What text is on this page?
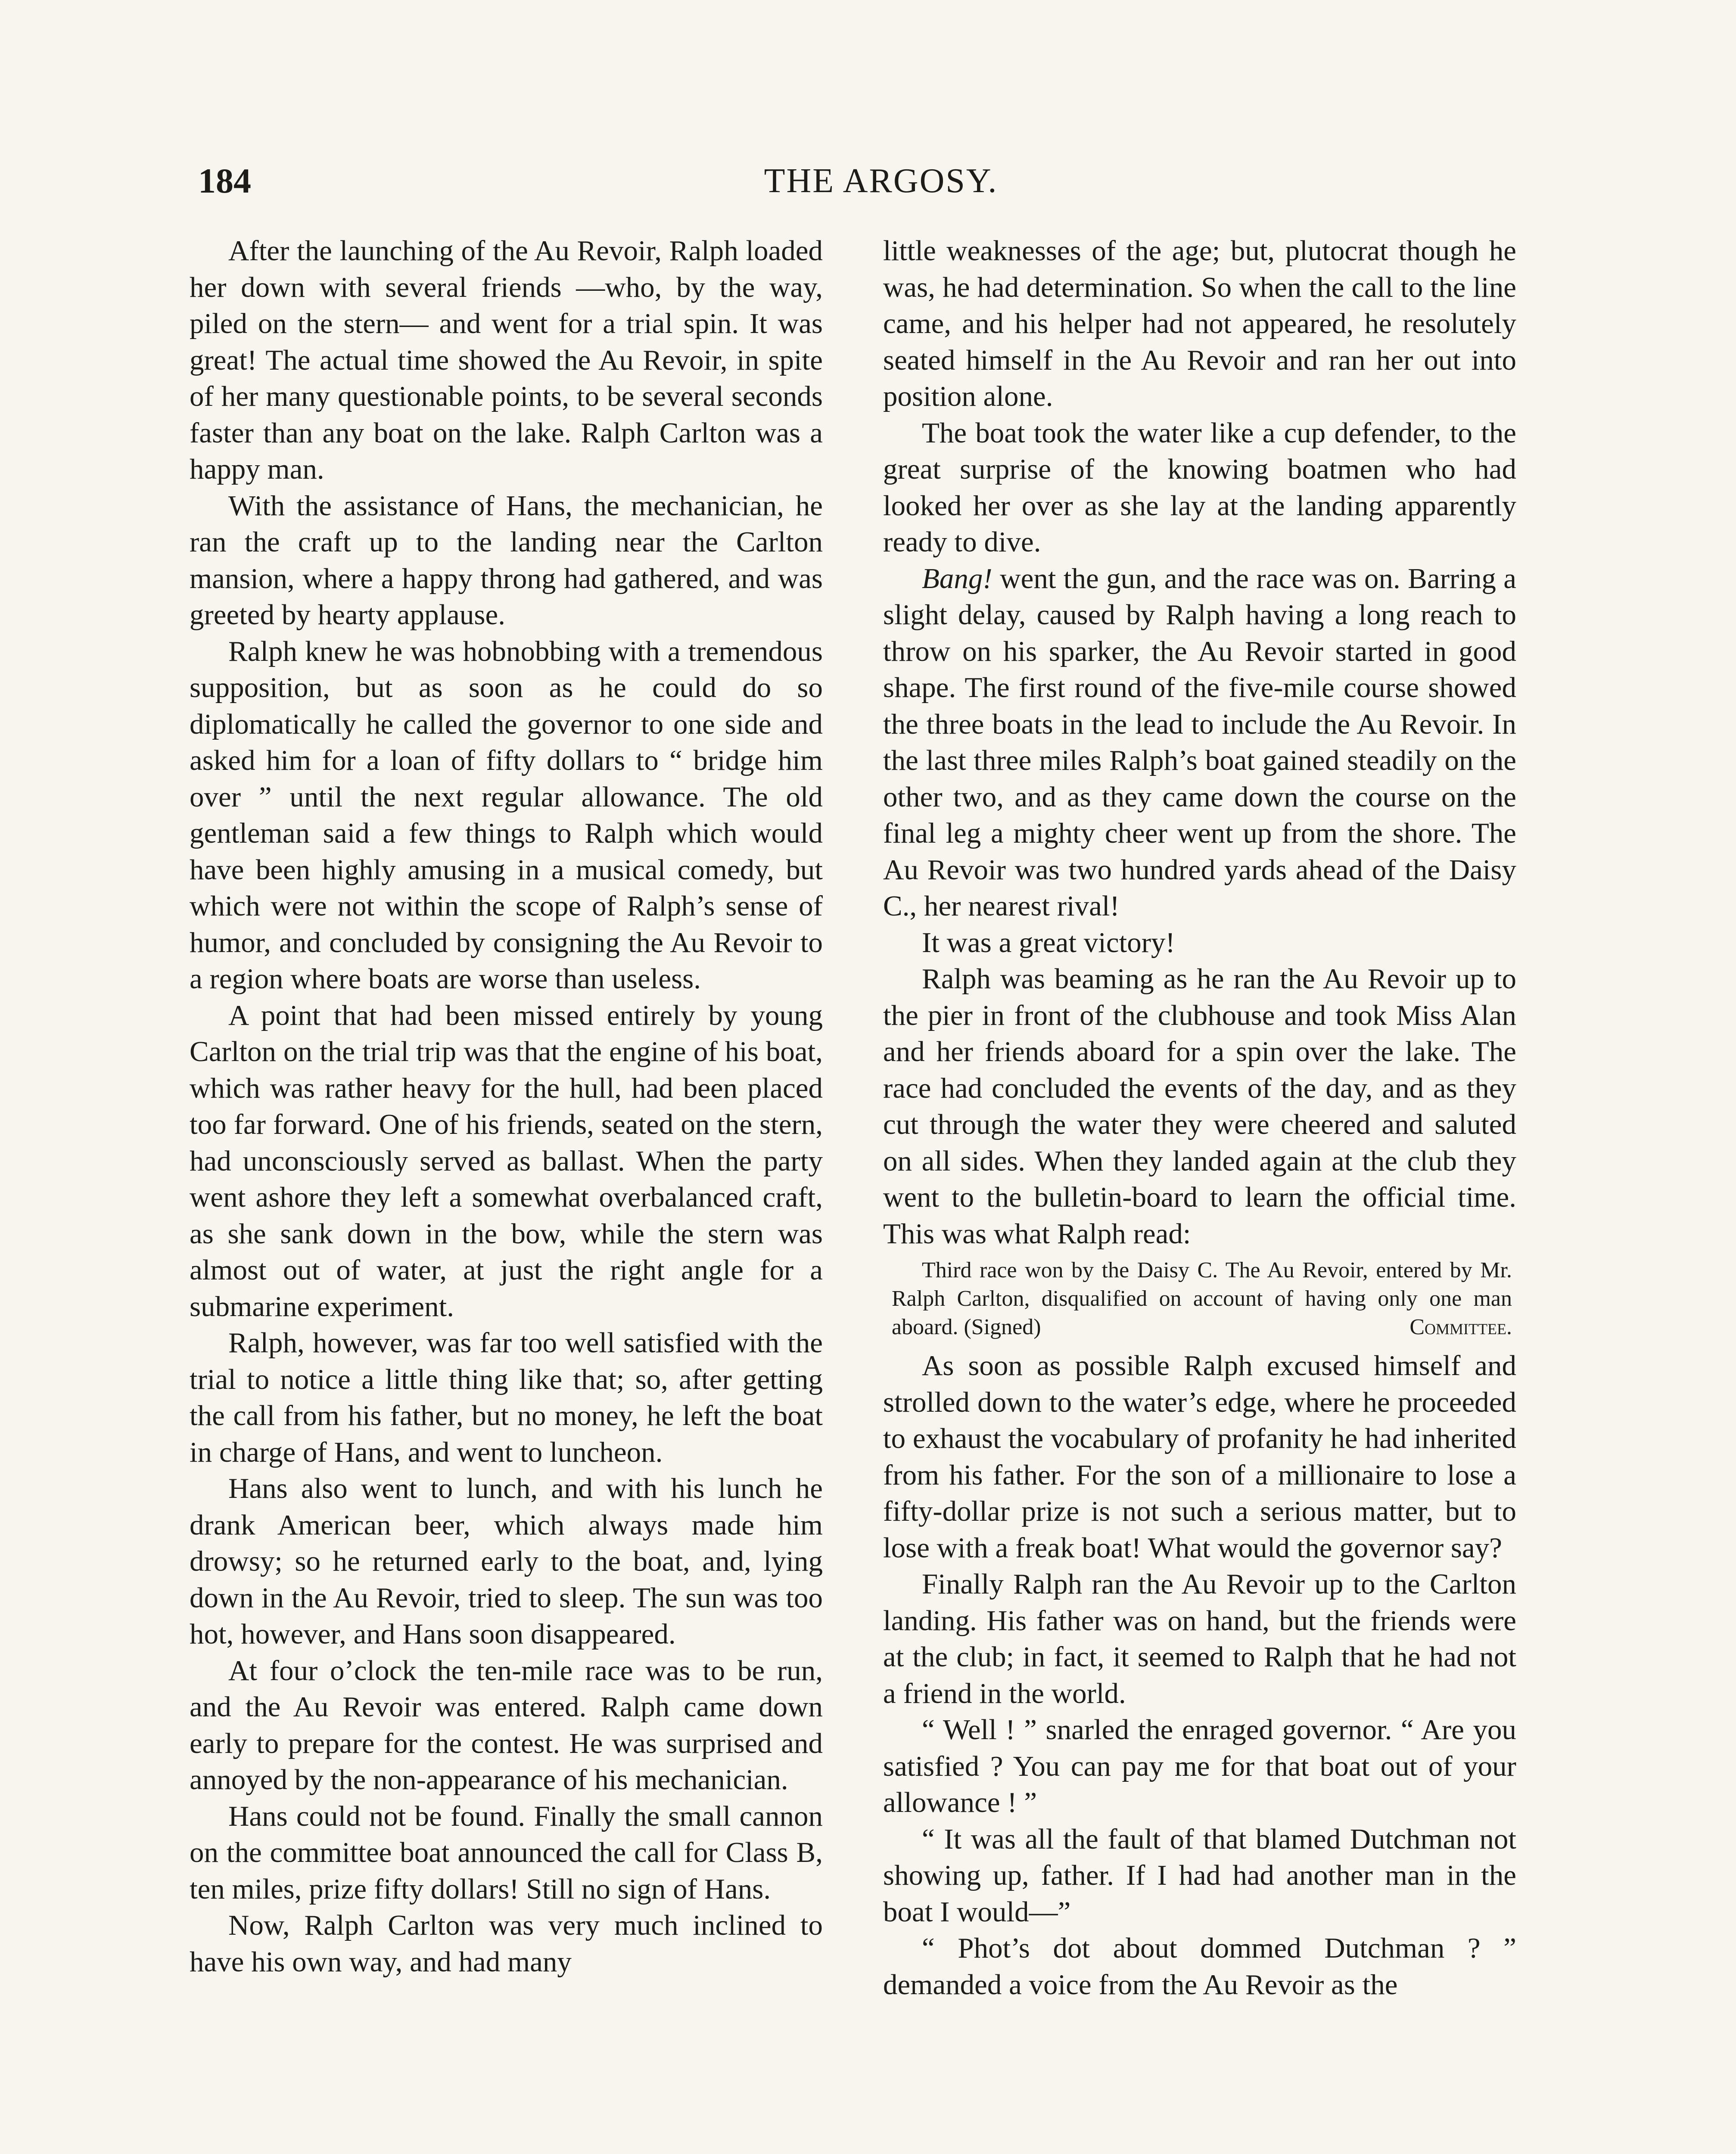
184	THE ARGOSY.

After the launching of the Au Revoir, Ralph loaded her down with several friends —who, by the way, piled on the stern— and went for a trial spin. It was great! The actual time showed the Au Revoir, in spite of her many questionable points, to be several seconds faster than any boat on the lake. Ralph Carlton was a happy man.

With the assistance of Hans, the mechanician, he ran the craft up to the landing near the Carlton mansion, where a happy throng had gathered, and was greeted by hearty applause.

Ralph knew he was hobnobbing with a tremendous supposition, but as soon as he could do so diplomatically he called the governor to one side and asked him for a loan of fifty dollars to “ bridge him over ” until the next regular allowance. The old gentleman said a few things to Ralph which would have been highly amusing in a musical comedy, but which were not within the scope of Ralph’s sense of humor, and concluded by consigning the Au Revoir to a region where boats are worse than useless.

A point that had been missed entirely by young Carlton on the trial trip was that the engine of his boat, which was rather heavy for the hull, had been placed too far forward. One of his friends, seated on the stern, had unconsciously served as ballast. When the party went ashore they left a somewhat overbalanced craft, as she sank down in the bow, while the stern was almost out of water, at just the right angle for a submarine experiment.

Ralph, however, was far too well satisfied with the trial to notice a little thing like that; so, after getting the call from his father, but no money, he left the boat in charge of Hans, and went to luncheon.

Hans also went to lunch, and with his lunch he drank American beer, which always made him drowsy; so he returned early to the boat, and, lying down in the Au Revoir, tried to sleep. The sun was too hot, however, and Hans soon disappeared.

At four o’clock the ten-mile race was to be run, and the Au Revoir was entered. Ralph came down early to prepare for the contest. He was surprised and annoyed by the non-appearance of his mechanician.

Hans could not be found. Finally the small cannon on the committee boat announced the call for Class B, ten miles, prize fifty dollars! Still no sign of Hans.

Now, Ralph Carlton was very much inclined to have his own way, and had many

little weaknesses of the age; but, plutocrat though he was, he had determination. So when the call to the line came, and his helper had not appeared, he resolutely seated himself in the Au Revoir and ran her out into position alone.

The boat took the water like a cup defender, to the great surprise of the knowing boatmen who had looked her over as she lay at the landing apparently ready to dive.

Bang! went the gun, and the race was on. Barring a slight delay, caused by Ralph having a long reach to throw on his sparker, the Au Revoir started in good shape. The first round of the five-mile course showed the three boats in the lead to include the Au Revoir. In the last three miles Ralph’s boat gained steadily on the other two, and as they came down the course on the final leg a mighty cheer went up from the shore. The Au Revoir was two hundred yards ahead of the Daisy C., her nearest rival!

It was a great victory!

Ralph was beaming as he ran the Au Revoir up to the pier in front of the clubhouse and took Miss Alan and her friends aboard for a spin over the lake. The race had concluded the events of the day, and as they cut through the water they were cheered and saluted on all sides. When they landed again at the club they went to the bulletin-board to learn the official time. This was what Ralph read:

Third race won by the Daisy C. The Au Revoir, entered by Mr. Ralph Carlton, disqualified on account of having only one man aboard. (Signed)	Committee.

As soon as possible Ralph excused himself and strolled down to the water’s edge, where he proceeded to exhaust the vocabulary of profanity he had inherited from his father. For the son of a millionaire to lose a fifty-dollar prize is not such a serious matter, but to lose with a freak boat! What would the governor say?

Finally Ralph ran the Au Revoir up to the Carlton landing. His father was on hand, but the friends were at the club; in fact, it seemed to Ralph that he had not a friend in the world.

“ Well ! ” snarled the enraged governor. “ Are you satisfied ? You can pay me for that boat out of your allowance ! ”

“ It was all the fault of that blamed Dutchman not showing up, father. If I had had another man in the boat I would—”

“ Phot’s dot about dommed Dutchman ? ” demanded a voice from the Au Revoir as the
